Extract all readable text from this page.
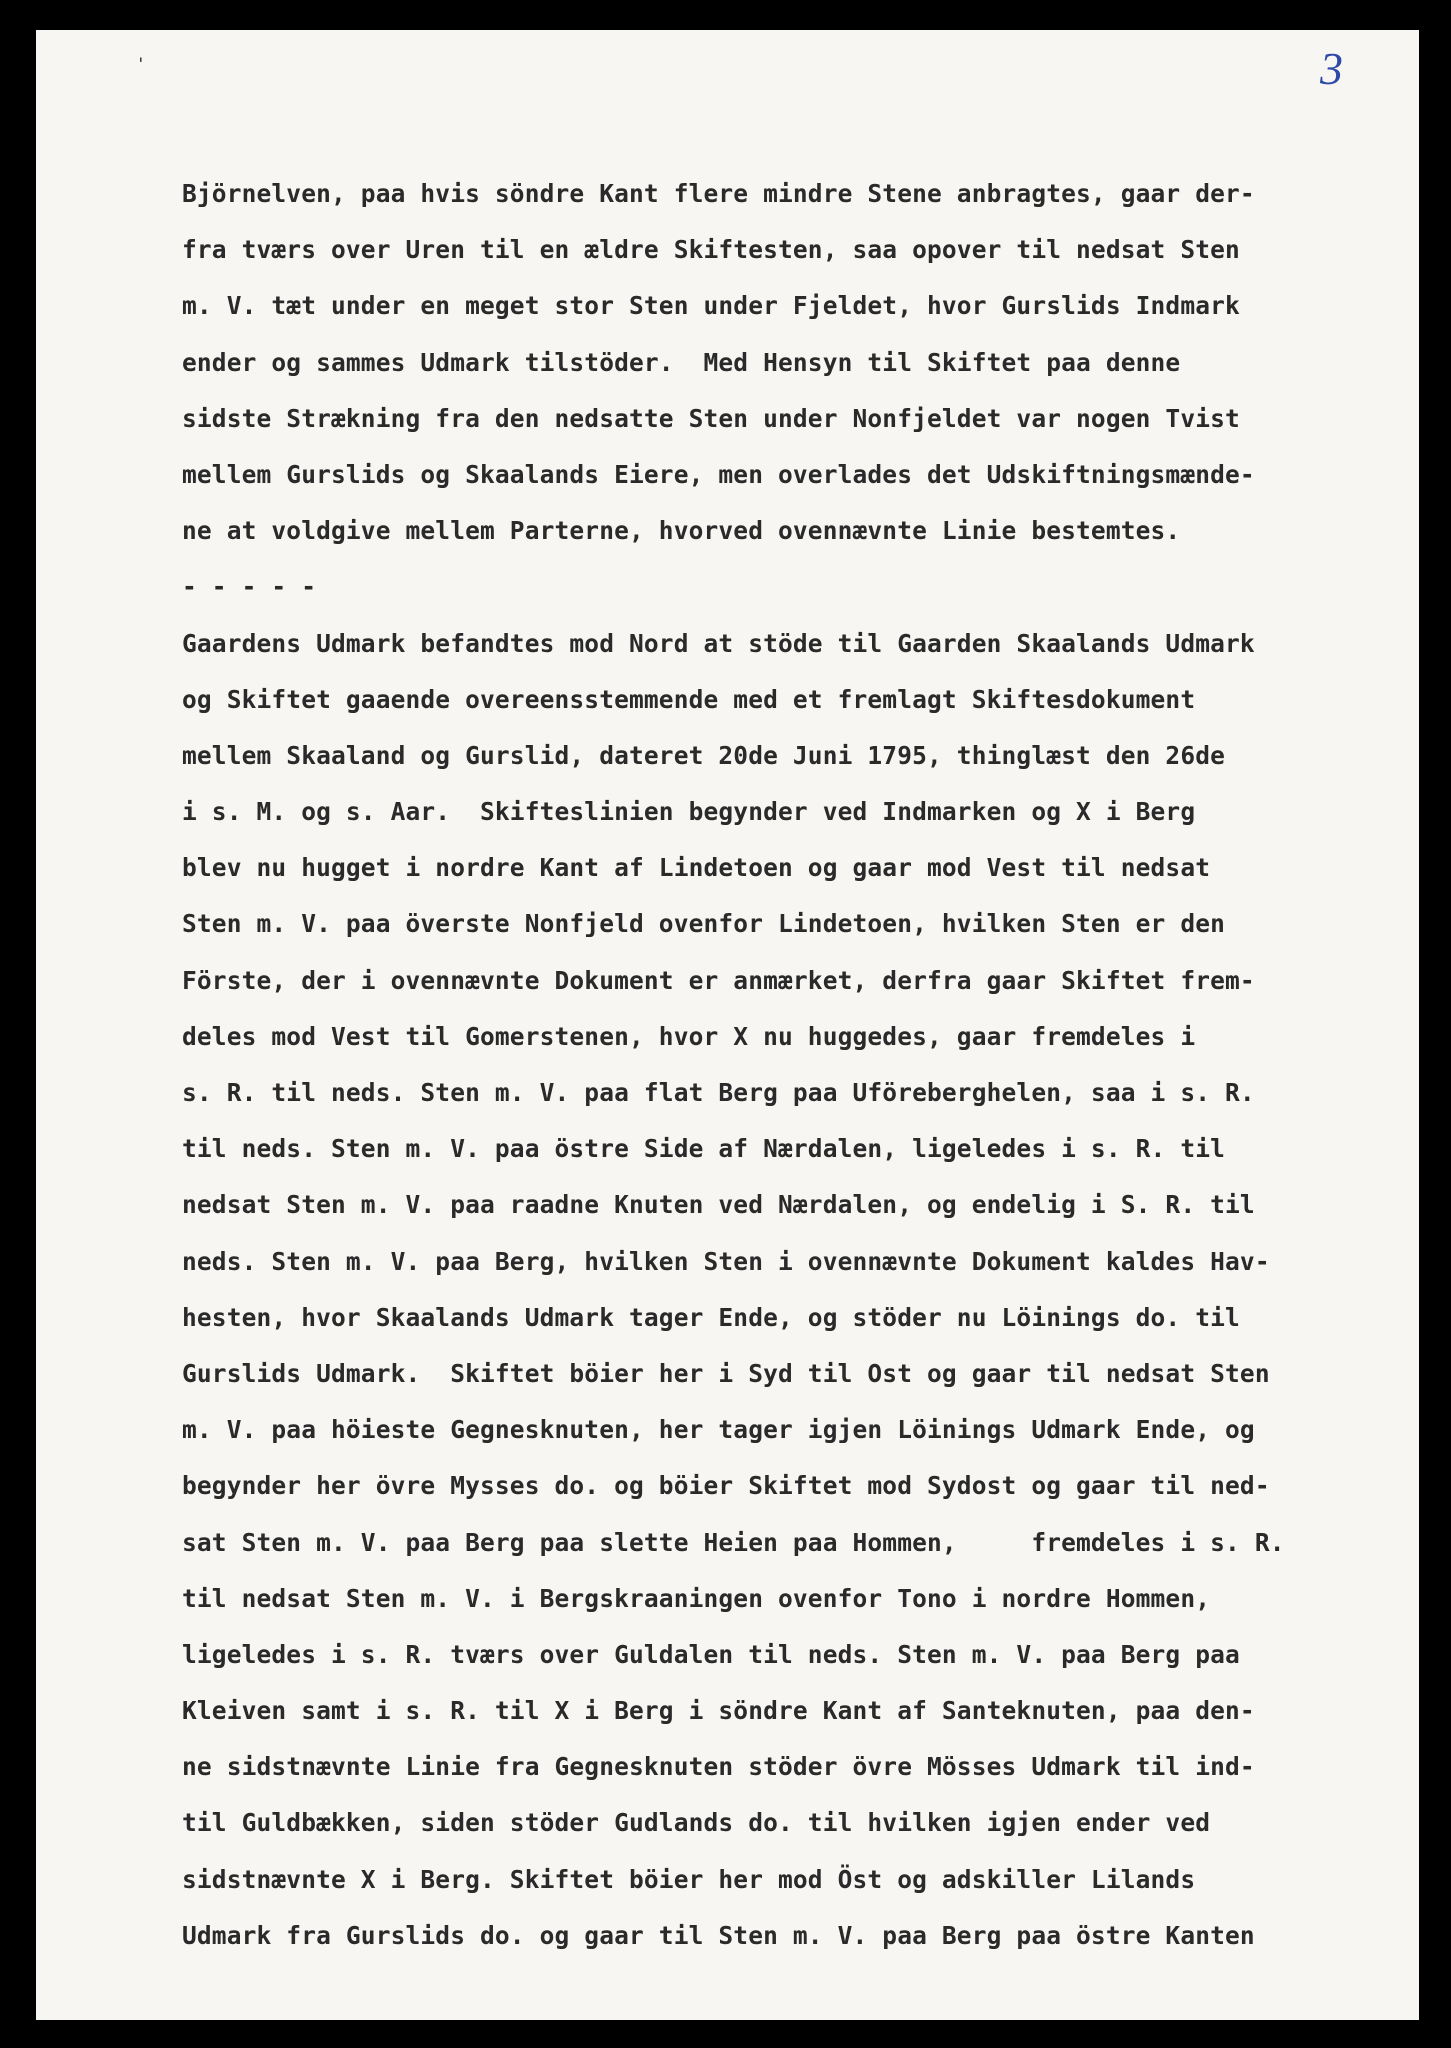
'	3
Björnelven, paa hvis söndre Kant flere mindre Stene anbragtes, gaar der-
fra tværs over Uren til en ældre Skiftesten, saa opover til nedsat Sten
m. V. tæt under en meget stor Sten under Fjeldet, hvor Gurslids Indmark
ender og sammes Udmark tilstöder.  Med Hensyn til Skiftet paa denne
sidste Strækning fra den nedsatte Sten under Nonfjeldet var nogen Tvist
mellem Gurslids og Skaalands Eiere, men overlades det Udskiftningsmænde-
ne at voldgive mellem Parterne, hvorved ovennævnte Linie bestemtes.
- - - - -
Gaardens Udmark befandtes mod Nord at stöde til Gaarden Skaalands Udmark
og Skiftet gaaende overeensstemmende med et fremlagt Skiftesdokument
mellem Skaaland og Gurslid, dateret 20de Juni 1795, thinglæst den 26de
i s. M. og s. Aar.  Skifteslinien begynder ved Indmarken og X i Berg
blev nu hugget i nordre Kant af Lindetoen og gaar mod Vest til nedsat
Sten m. V. paa överste Nonfjeld ovenfor Lindetoen, hvilken Sten er den
Förste, der i ovennævnte Dokument er anmærket, derfra gaar Skiftet frem-
deles mod Vest til Gomerstenen, hvor X nu huggedes, gaar fremdeles i
s. R. til neds. Sten m. V. paa flat Berg paa Uföreberghelen, saa i s. R.
til neds. Sten m. V. paa östre Side af Nærdalen, ligeledes i s. R. til
nedsat Sten m. V. paa raadne Knuten ved Nærdalen, og endelig i S. R. til
neds. Sten m. V. paa Berg, hvilken Sten i ovennævnte Dokument kaldes Hav-
hesten, hvor Skaalands Udmark tager Ende, og stöder nu Löinings do. til
Gurslids Udmark.  Skiftet böier her i Syd til Ost og gaar til nedsat Sten
m. V. paa höieste Gegnesknuten, her tager igjen Löinings Udmark Ende, og
begynder her övre Mysses do. og böier Skiftet mod Sydost og gaar til ned-
sat Sten m. V. paa Berg paa slette Heien paa Hommen,     fremdeles i s. R.
til nedsat Sten m. V. i Bergskraaningen ovenfor Tono i nordre Hommen,
ligeledes i s. R. tværs over Guldalen til neds. Sten m. V. paa Berg paa
Kleiven samt i s. R. til X i Berg i söndre Kant af Santeknuten, paa den-
ne sidstnævnte Linie fra Gegnesknuten stöder övre Mösses Udmark til ind-
til Guldbækken, siden stöder Gudlands do. til hvilken igjen ender ved
sidstnævnte X i Berg. Skiftet böier her mod Öst og adskiller Lilands
Udmark fra Gurslids do. og gaar til Sten m. V. paa Berg paa östre Kanten
